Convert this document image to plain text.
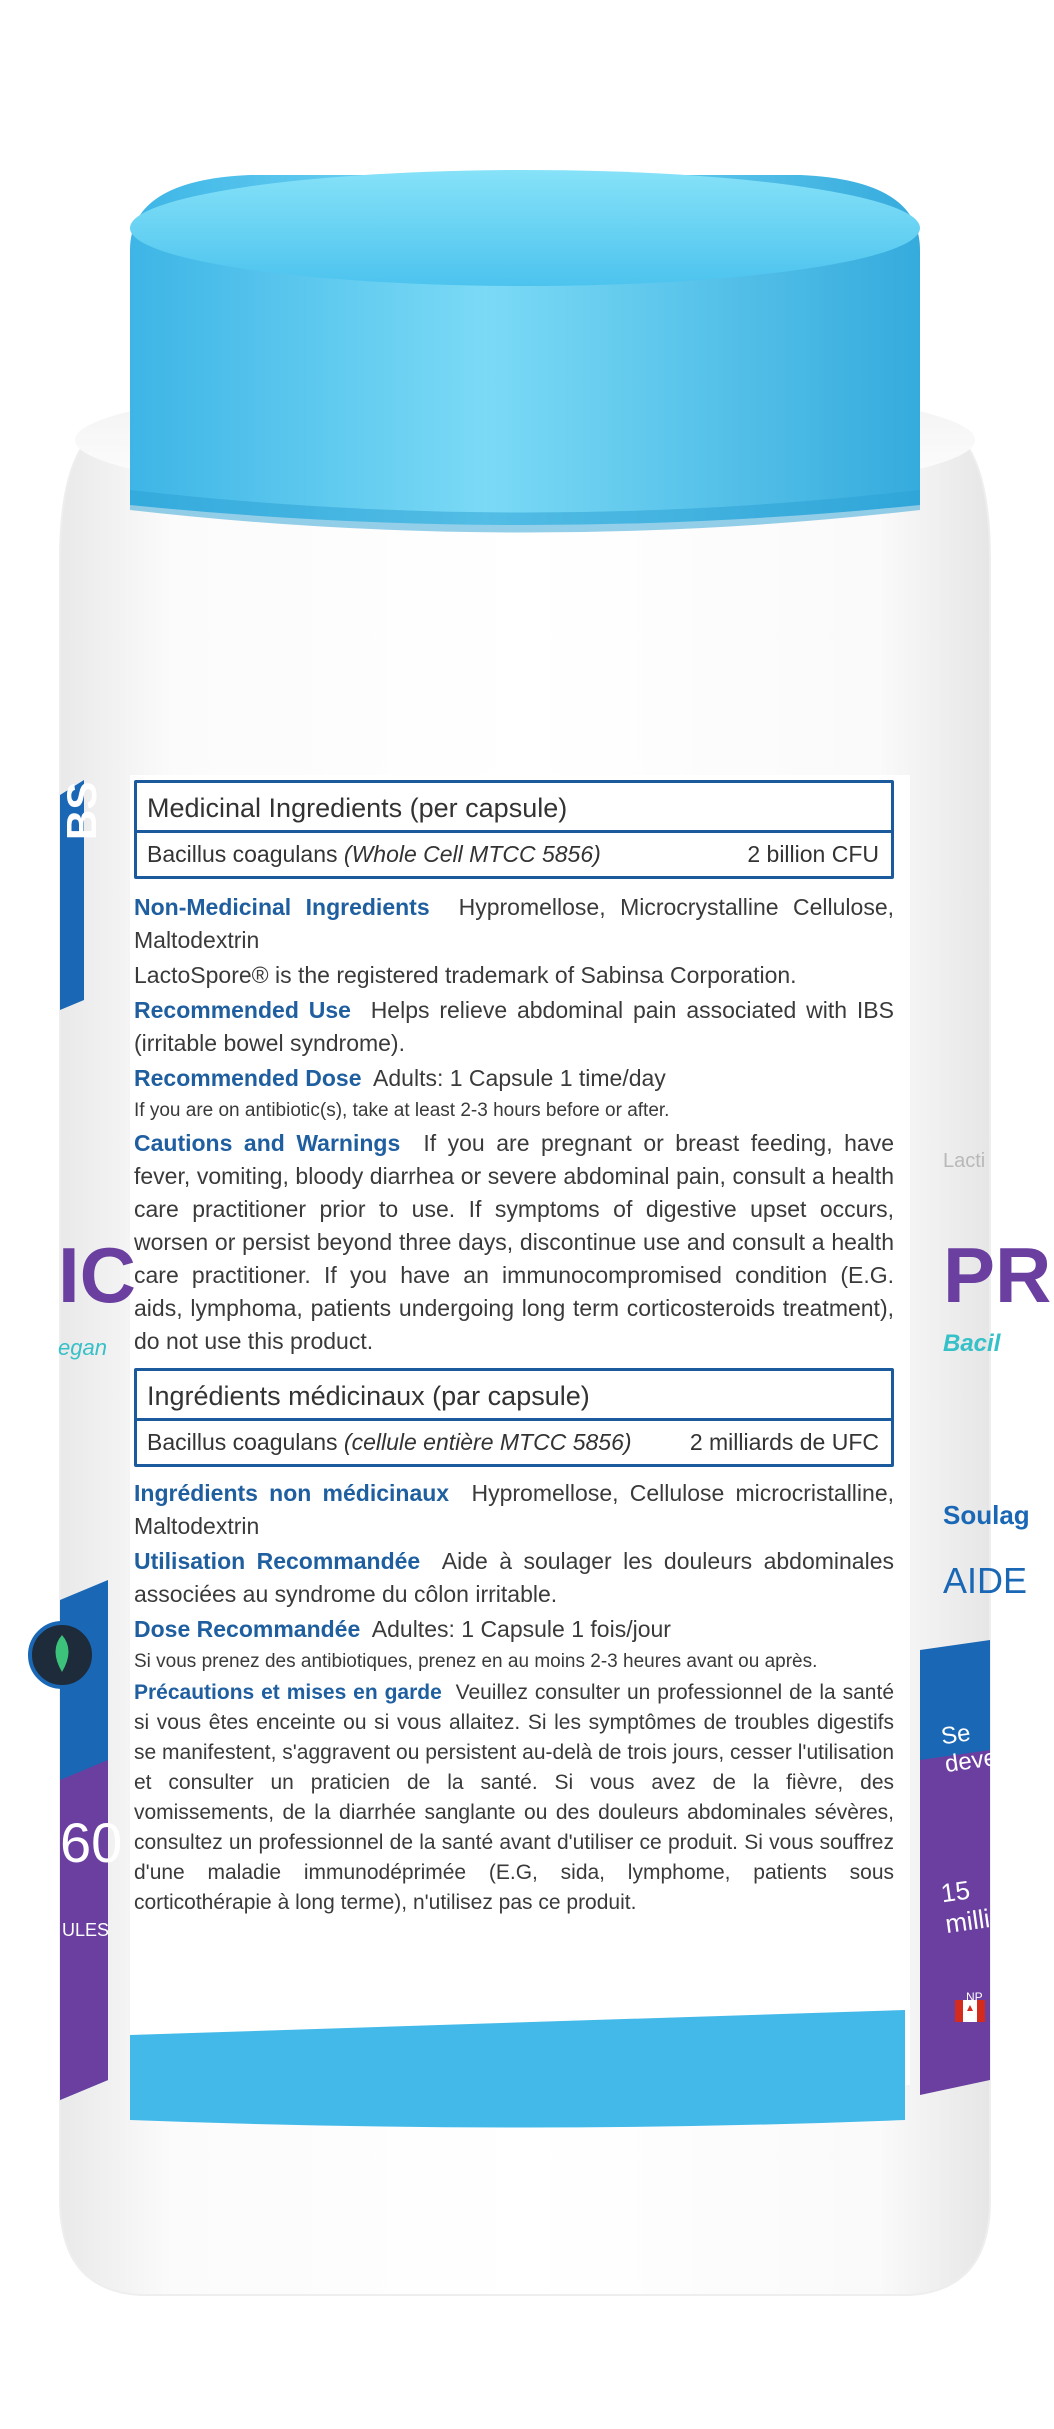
BS
IC
egan
60
ULES
Lacti
PR
Bacil
Soulag
AIDE
Se devel
15 milli
NP
Medicinal Ingredients (per capsule)
Bacillus coagulans (Whole Cell MTCC 5856)	2 billion CFU

Non-Medicinal Ingredients Hypromellose, Microcrystalline Cellulose, Maltodextrin

LactoSpore® is the registered trademark of Sabinsa Corporation.

Recommended Use Helps relieve abdominal pain associated with IBS (irritable bowel syndrome).

Recommended Dose Adults: 1 Capsule 1 time/day

If you are on antibiotic(s), take at least 2-3 hours before or after.

Cautions and Warnings If you are pregnant or breast feeding, have fever, vomiting, bloody diarrhea or severe abdominal pain, consult a health care practitioner prior to use. If symptoms of digestive upset occurs, worsen or persist beyond three days, discontinue use and consult a health care practitioner. If you have an immunocompromised condition (E.G. aids, lymphoma, patients undergoing long term corticosteroids treatment), do not use this product.

Ingrédients médicinaux (par capsule)
Bacillus coagulans (cellule entière MTCC 5856)	2 milliards de UFC

Ingrédients non médicinaux Hypromellose, Cellulose microcristalline, Maltodextrin

Utilisation Recommandée Aide à soulager les douleurs abdominales associées au syndrome du côlon irritable.

Dose Recommandée Adultes: 1 Capsule 1 fois/jour

Si vous prenez des antibiotiques, prenez en au moins 2-3 heures avant ou après.

Précautions et mises en garde Veuillez consulter un professionnel de la santé si vous êtes enceinte ou si vous allaitez. Si les symptômes de troubles digestifs se manifestent, s'aggravent ou persistent au-delà de trois jours, cesser l'utilisation et consulter un praticien de la santé. Si vous avez de la fièvre, des vomissements, de la diarrhée sanglante ou des douleurs abdominales sévères, consultez un professionnel de la santé avant d'utiliser ce produit. Si vous souffrez d'une maladie immunodéprimée (E.G, sida, lymphome, patients sous corticothérapie à long terme), n'utilisez pas ce produit.
